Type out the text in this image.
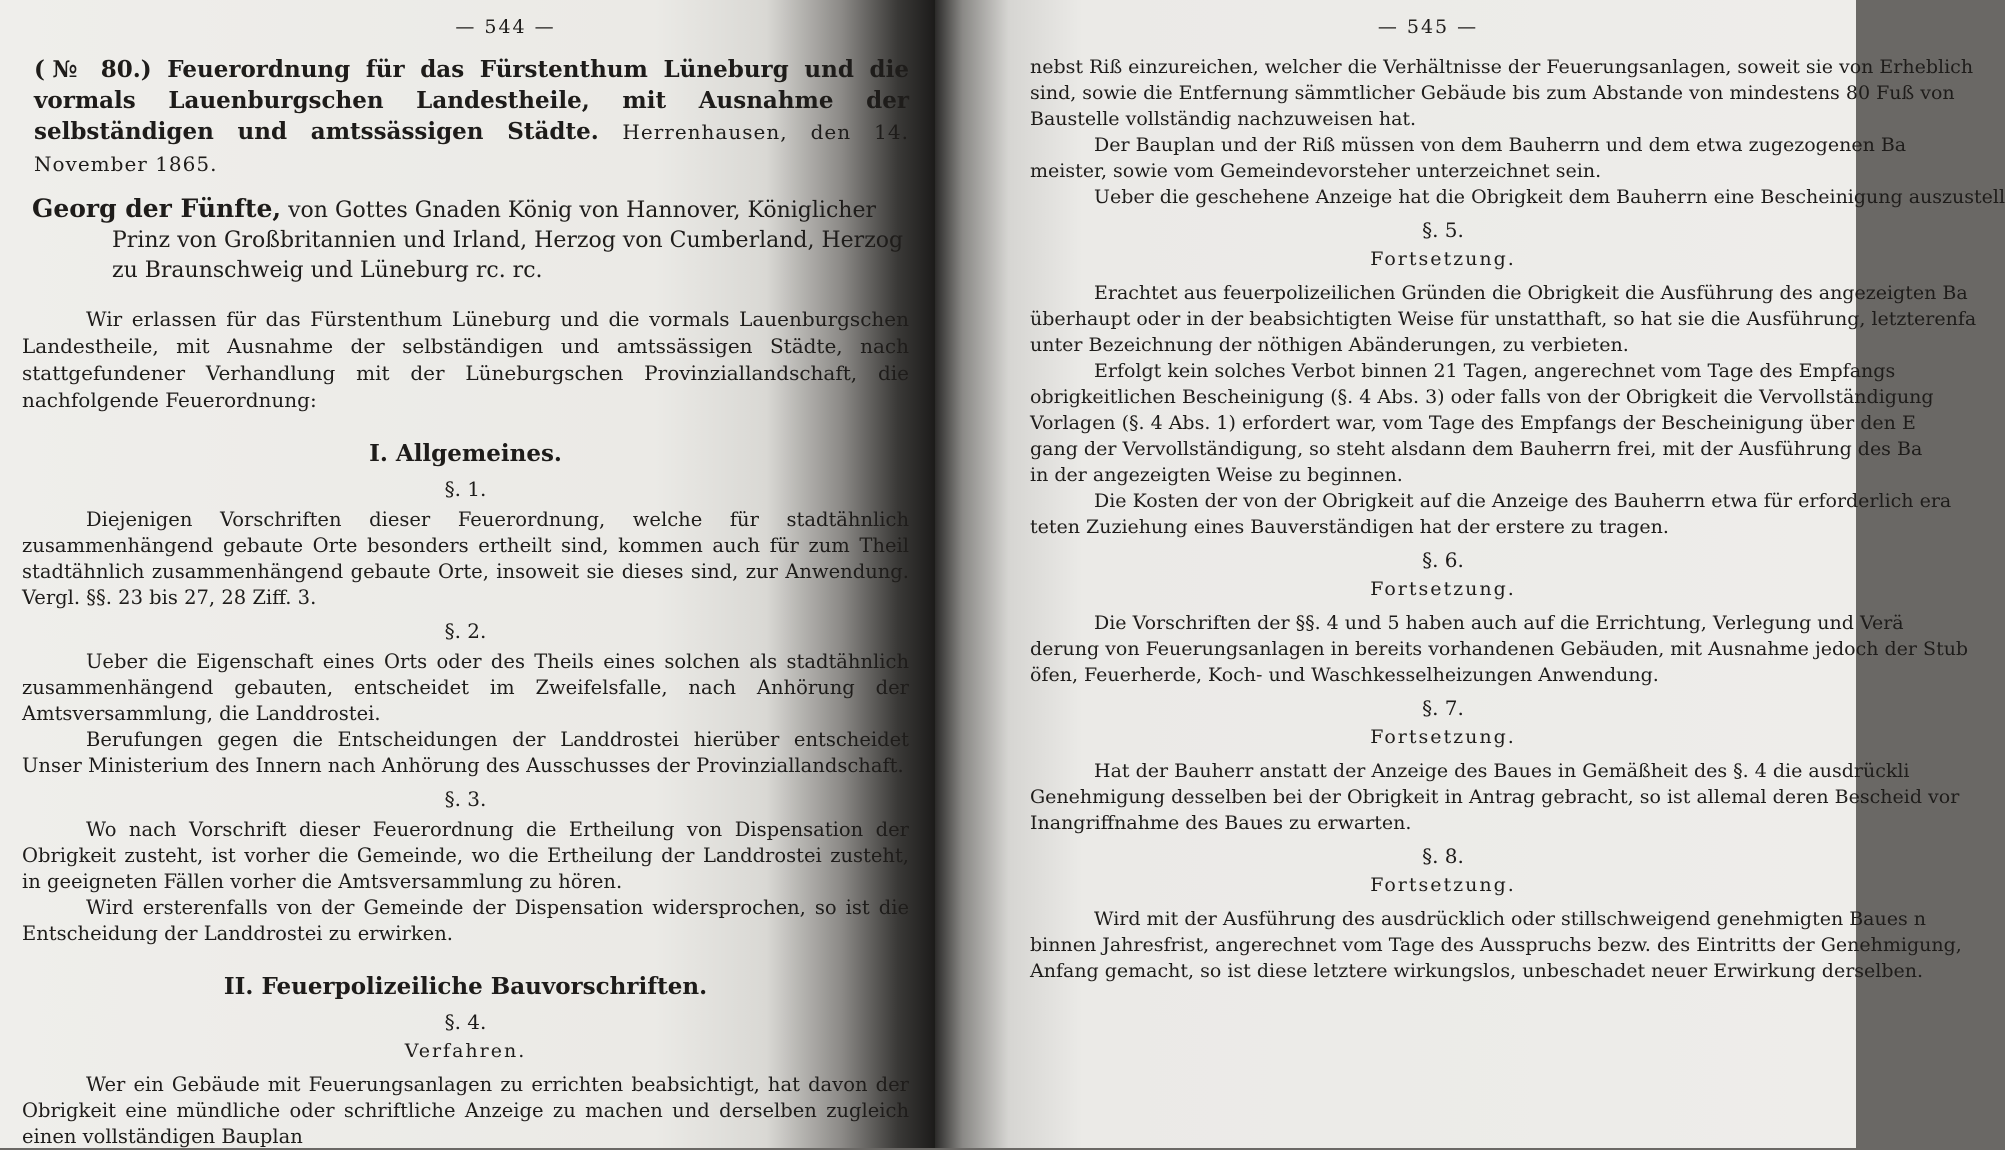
— 544 —
(№ 80.) Feuerordnung für das Fürstenthum Lüneburg und die vormals Lauenburgschen Landestheile, mit Ausnahme der selbständigen und amtssässigen Städte. Herrenhausen, den 14. November 1865.
Georg der Fünfte, von Gottes Gnaden König von Hannover, Königlicher Prinz von Großbritannien und Irland, Herzog von Cumberland, Herzog zu Braunschweig und Lüneburg rc. rc.

Wir erlassen für das Fürstenthum Lüneburg und die vormals Lauenburgschen Landestheile, mit Ausnahme der selbständigen und amtssässigen Städte, nach stattgefundener Verhandlung mit der Lüneburgschen Provinziallandschaft, die nachfolgende Feuerordnung:

I. Allgemeines.
§. 1.

Diejenigen Vorschriften dieser Feuerordnung, welche für stadtähnlich zusammenhängend gebaute Orte besonders ertheilt sind, kommen auch für zum Theil stadtähnlich zusammenhängend gebaute Orte, insoweit sie dieses sind, zur Anwendung. Vergl. §§. 23 bis 27, 28 Ziff. 3.

§. 2.

Ueber die Eigenschaft eines Orts oder des Theils eines solchen als stadtähnlich zusammenhängend gebauten, entscheidet im Zweifelsfalle, nach Anhörung der Amtsversammlung, die Landdrostei.

Berufungen gegen die Entscheidungen der Landdrostei hierüber entscheidet Unser Ministerium des Innern nach Anhörung des Ausschusses der Provinziallandschaft.

§. 3.

Wo nach Vorschrift dieser Feuerordnung die Ertheilung von Dispensation der Obrigkeit zusteht, ist vorher die Gemeinde, wo die Ertheilung der Landdrostei zusteht, in geeigneten Fällen vorher die Amtsversammlung zu hören.

Wird ersterenfalls von der Gemeinde der Dispensation widersprochen, so ist die Entscheidung der Landdrostei zu erwirken.

II. Feuerpolizeiliche Bauvorschriften.
§. 4.
Verfahren.

Wer ein Gebäude mit Feuerungsanlagen zu errichten beabsichtigt, hat davon der Obrigkeit eine mündliche oder schriftliche Anzeige zu machen und derselben zugleich einen vollständigen Bauplan

— 545 —

nebst Riß einzureichen, welcher die Verhältnisse der Feuerungsanlagen, soweit sie von Erheblich

sind, sowie die Entfernung sämmtlicher Gebäude bis zum Abstande von mindestens 80 Fuß von

Baustelle vollständig nachzuweisen hat.

Der Bauplan und der Riß müssen von dem Bauherrn und dem etwa zugezogenen Ba

meister, sowie vom Gemeindevorsteher unterzeichnet sein.

Ueber die geschehene Anzeige hat die Obrigkeit dem Bauherrn eine Bescheinigung auszustell

§. 5.
Fortsetzung.

Erachtet aus feuerpolizeilichen Gründen die Obrigkeit die Ausführung des angezeigten Ba

überhaupt oder in der beabsichtigten Weise für unstatthaft, so hat sie die Ausführung, letzterenfa

unter Bezeichnung der nöthigen Abänderungen, zu verbieten.

Erfolgt kein solches Verbot binnen 21 Tagen, angerechnet vom Tage des Empfangs

obrigkeitlichen Bescheinigung (§. 4 Abs. 3) oder falls von der Obrigkeit die Vervollständigung

Vorlagen (§. 4 Abs. 1) erfordert war, vom Tage des Empfangs der Bescheinigung über den E

gang der Vervollständigung, so steht alsdann dem Bauherrn frei, mit der Ausführung des Ba

in der angezeigten Weise zu beginnen.

Die Kosten der von der Obrigkeit auf die Anzeige des Bauherrn etwa für erforderlich era

teten Zuziehung eines Bauverständigen hat der erstere zu tragen.

§. 6.
Fortsetzung.

Die Vorschriften der §§. 4 und 5 haben auch auf die Errichtung, Verlegung und Verä

derung von Feuerungsanlagen in bereits vorhandenen Gebäuden, mit Ausnahme jedoch der Stub

öfen, Feuerherde, Koch- und Waschkesselheizungen Anwendung.

§. 7.
Fortsetzung.

Hat der Bauherr anstatt der Anzeige des Baues in Gemäßheit des §. 4 die ausdrückli

Genehmigung desselben bei der Obrigkeit in Antrag gebracht, so ist allemal deren Bescheid vor

Inangriffnahme des Baues zu erwarten.

§. 8.
Fortsetzung.

Wird mit der Ausführung des ausdrücklich oder stillschweigend genehmigten Baues n

binnen Jahresfrist, angerechnet vom Tage des Ausspruchs bezw. des Eintritts der Genehmigung,

Anfang gemacht, so ist diese letztere wirkungslos, unbeschadet neuer Erwirkung derselben.
